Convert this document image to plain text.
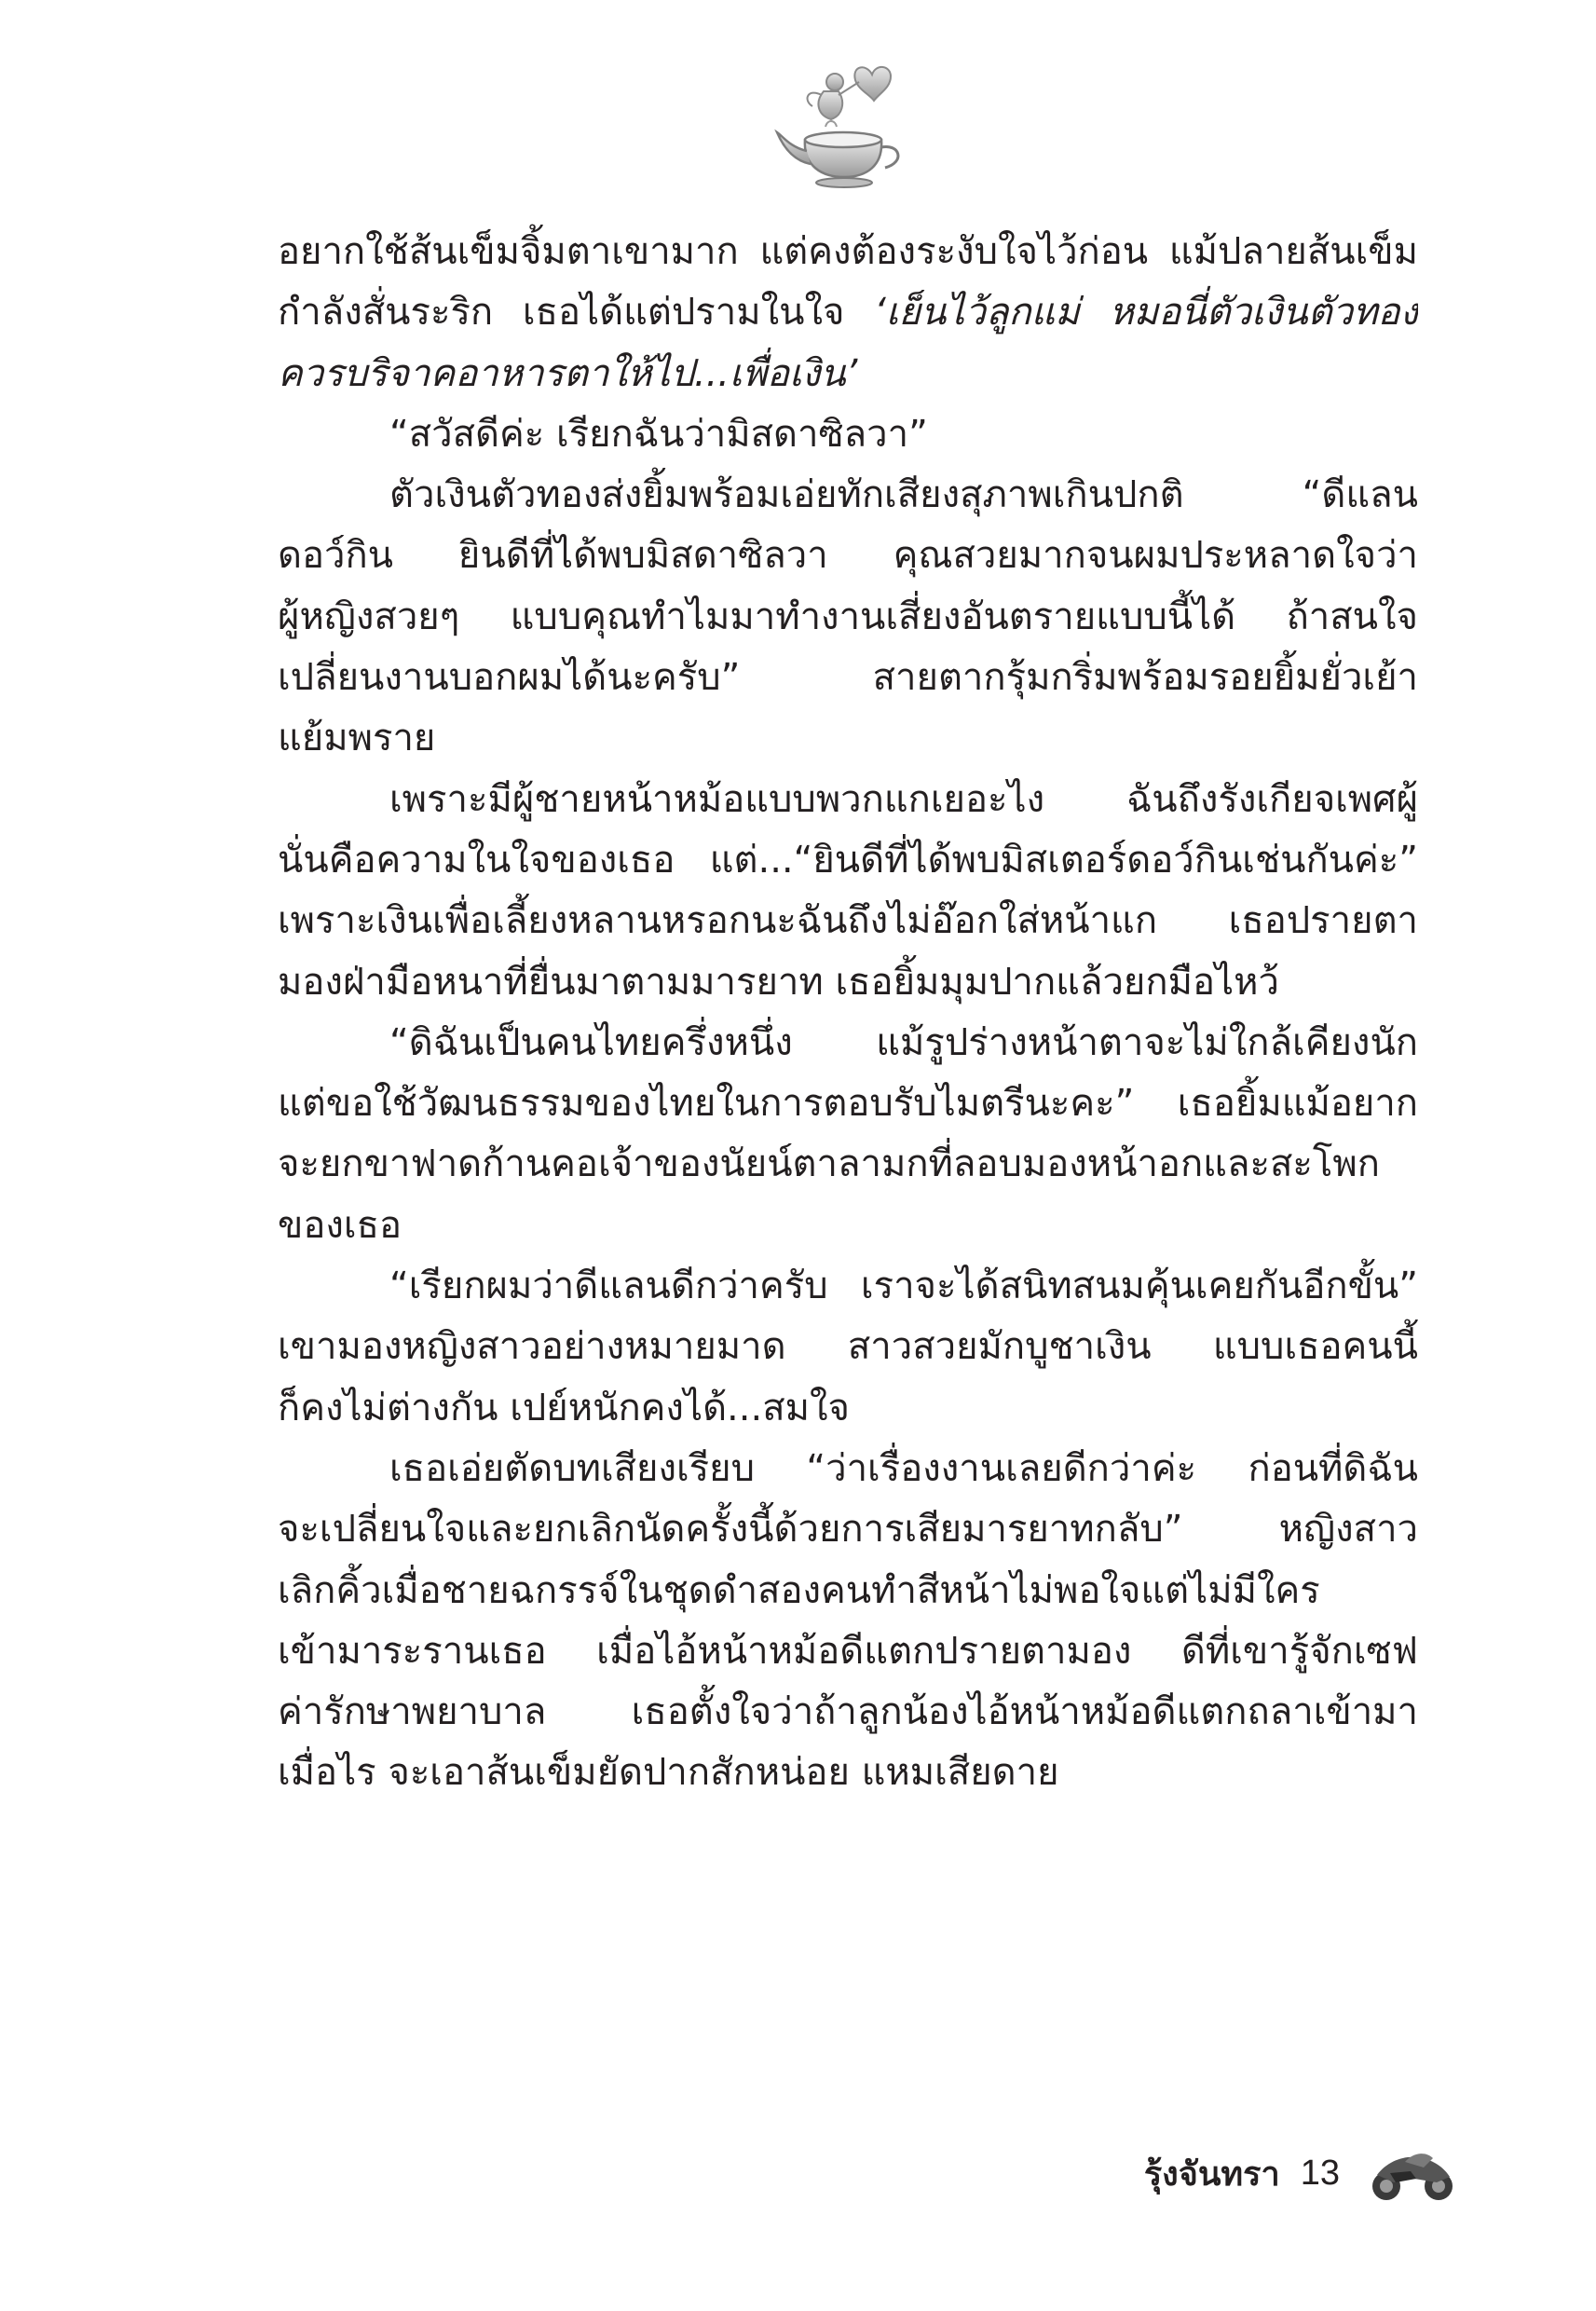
อยากใช้ส้นเข็มจิ้มตาเขามาก แต่คงต้องระงับใจไว้ก่อน แม้ปลายส้นเข็ม
กำลังสั่นระริก เธอได้แต่ปรามในใจ ‘เย็นไว้ลูกแม่ หมอนี่ตัวเงินตัวทอง
ควรบริจาคอาหารตาให้ไป...เพื่อเงิน’
“สวัสดีค่ะ เรียกฉันว่ามิสดาซิลวา”
ตัวเงินตัวทองส่งยิ้มพร้อมเอ่ยทักเสียงสุภาพเกินปกติ “ดีแลน
ดอว์กิน ยินดีที่ได้พบมิสดาซิลวา คุณสวยมากจนผมประหลาดใจว่า
ผู้หญิงสวยๆ แบบคุณทำไมมาทำงานเสี่ยงอันตรายแบบนี้ได้ ถ้าสนใจ
เปลี่ยนงานบอกผมได้นะครับ” สายตากรุ้มกริ่มพร้อมรอยยิ้มยั่วเย้า
แย้มพราย
เพราะมีผู้ชายหน้าหม้อแบบพวกแกเยอะไง ฉันถึงรังเกียจเพศผู้
นั่นคือความในใจของเธอ แต่...“ยินดีที่ได้พบมิสเตอร์ดอว์กินเช่นกันค่ะ”
เพราะเงินเพื่อเลี้ยงหลานหรอกนะฉันถึงไม่อ๊อกใส่หน้าแก เธอปรายตา
มองฝ่ามือหนาที่ยื่นมาตามมารยาท เธอยิ้มมุมปากแล้วยกมือไหว้
“ดิฉันเป็นคนไทยครึ่งหนึ่ง แม้รูปร่างหน้าตาจะไม่ใกล้เคียงนัก
แต่ขอใช้วัฒนธรรมของไทยในการตอบรับไมตรีนะคะ” เธอยิ้มแม้อยาก
จะยกขาฟาดก้านคอเจ้าของนัยน์ตาลามกที่ลอบมองหน้าอกและสะโพก
ของเธอ
“เรียกผมว่าดีแลนดีกว่าครับ เราจะได้สนิทสนมคุ้นเคยกันอีกขั้น”
เขามองหญิงสาวอย่างหมายมาด สาวสวยมักบูชาเงิน แบบเธอคนนี้
ก็คงไม่ต่างกัน เปย์หนักคงได้...สมใจ
เธอเอ่ยตัดบทเสียงเรียบ “ว่าเรื่องงานเลยดีกว่าค่ะ ก่อนที่ดิฉัน
จะเปลี่ยนใจและยกเลิกนัดครั้งนี้ด้วยการเสียมารยาทกลับ” หญิงสาว
เลิกคิ้วเมื่อชายฉกรรจ์ในชุดดำสองคนทำสีหน้าไม่พอใจแต่ไม่มีใคร
เข้ามาระรานเธอ เมื่อไอ้หน้าหม้อดีแตกปรายตามอง ดีที่เขารู้จักเซฟ
ค่ารักษาพยาบาล เธอตั้งใจว่าถ้าลูกน้องไอ้หน้าหม้อดีแตกถลาเข้ามา
เมื่อไร จะเอาส้นเข็มยัดปากสักหน่อย แหมเสียดาย
รุ้งจันทรา 13
